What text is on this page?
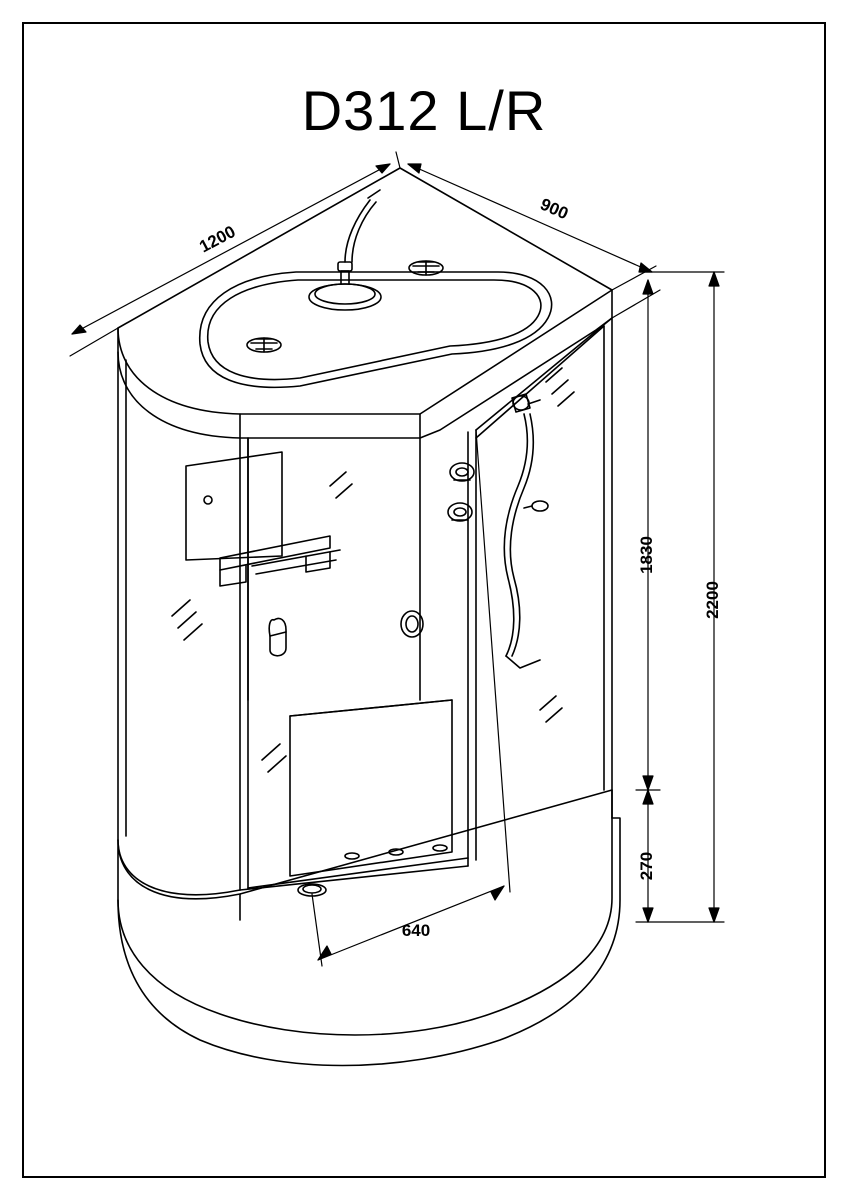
D312 L/R
1200
900
1830
2200
270
640
